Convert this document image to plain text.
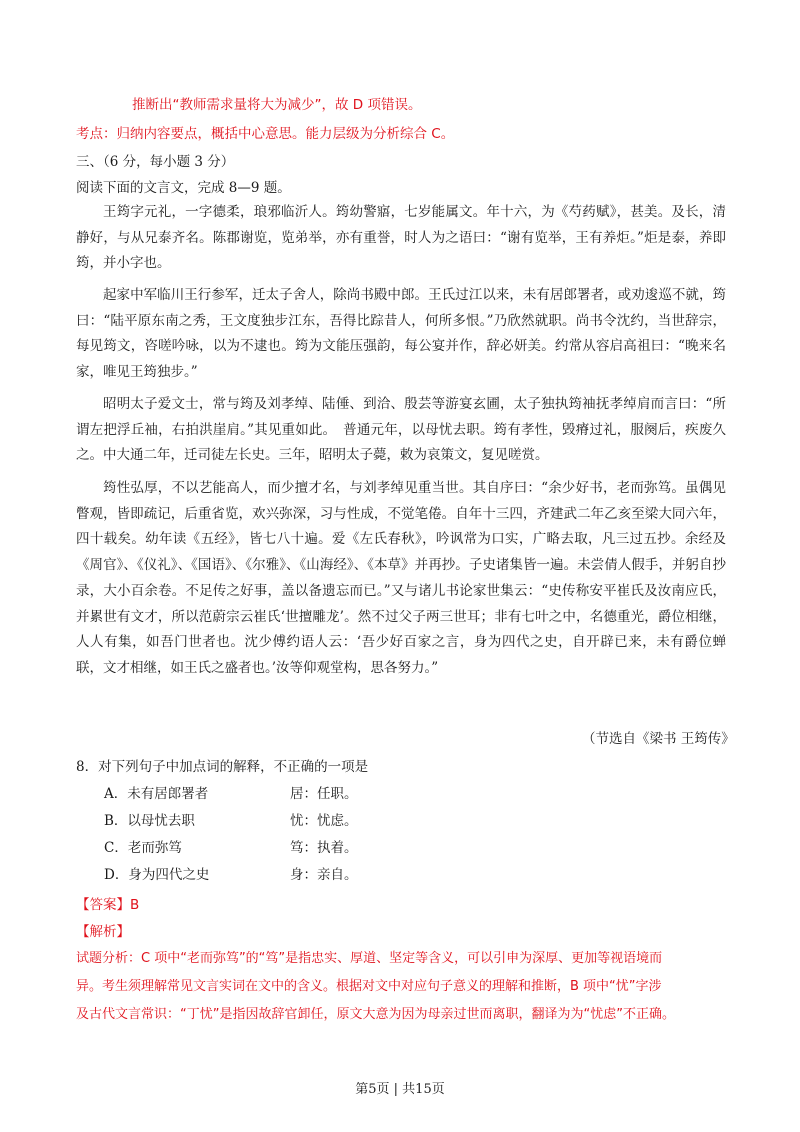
推断出“教师需求量将大为减少”，故 D 项错误。
考点：归纳内容要点，概括中心意思。能力层级为分析综合 C。
三、（6 分，每小题 3 分）
阅读下面的文言文，完成 8—9 题。
王筠字元礼，一字德柔，琅邪临沂人。筠幼警寤，七岁能属文。年十六，为《芍药赋》，甚美。及长，清静好，与从兄泰齐名。陈郡谢览，览弟举，亦有重誉，时人为之语曰：“谢有览举，王有养炬。”炬是泰，养即筠，并小字也。
起家中军临川王行参军，迁太子舍人，除尚书殿中郎。王氏过江以来，未有居郎署者，或劝逡巡不就，筠曰：“陆平原东南之秀，王文度独步江东，吾得比踪昔人，何所多恨。”乃欣然就职。尚书令沈约，当世辞宗，每见筠文，咨嗟吟咏，以为不逮也。筠为文能压强韵，每公宴并作，辞必妍美。约常从容启高祖曰：“晚来名家，唯见王筠独步。”
昭明太子爱文士，常与筠及刘孝绰、陆倕、到洽、殷芸等游宴玄圃，太子独执筠袖抚孝绰肩而言曰：“所谓左把浮丘袖，右拍洪崖肩。”其见重如此。　普通元年，以母忧去职。筠有孝性，毁瘠过礼，服阕后，疾废久之。中大通二年，迁司徒左长史。三年，昭明太子薨，敕为哀策文，复见嗟赏。
筠性弘厚，不以艺能高人，而少擅才名，与刘孝绰见重当世。其自序曰：“余少好书，老而弥笃。虽偶见瞥观，皆即疏记，后重省览，欢兴弥深，习与性成，不觉笔倦。自年十三四，齐建武二年乙亥至梁大同六年，四十载矣。幼年读《五经》，皆七八十遍。爱《左氏春秋》，吟讽常为口实，广略去取，凡三过五抄。余经及《周官》、《仪礼》、《国语》、《尔雅》、《山海经》、《本草》并再抄。子史诸集皆一遍。未尝倩人假手，并躬自抄录，大小百余卷。不足传之好事，盖以备遗忘而已。”又与诸儿书论家世集云：“史传称安平崔氏及汝南应氏，并累世有文才，所以范蔚宗云崔氏‘世擅雕龙’。然不过父子两三世耳；非有七叶之中，名德重光，爵位相继，人人有集，如吾门世者也。沈少傅约语人云：‘吾少好百家之言，身为四代之史，自开辟已来，未有爵位蝉联，文才相继，如王氏之盛者也。’汝等仰观堂构，思各努力。”
（节选自《梁书 王筠传》
8．对下列句子中加点词的解释，不正确的一项是
A．未有居郎署者	居：任职。
B．以母忧去职	忧：忧虑。
C．老而弥笃	笃：执着。
D．身为四代之史	身：亲自。
【答案】B
【解析】
试题分析：C 项中“老而弥笃”的“笃”是指忠实、厚道、坚定等含义，可以引申为深厚、更加等视语境而
异。考生须理解常见文言实词在文中的含义。根据对文中对应句子意义的理解和推断，B 项中“忧”字涉
及古代文言常识：“丁忧”是指因故辞官卸任，原文大意为因为母亲过世而离职，翻译为为“忧虑”不正确。
第5页 | 共15页
